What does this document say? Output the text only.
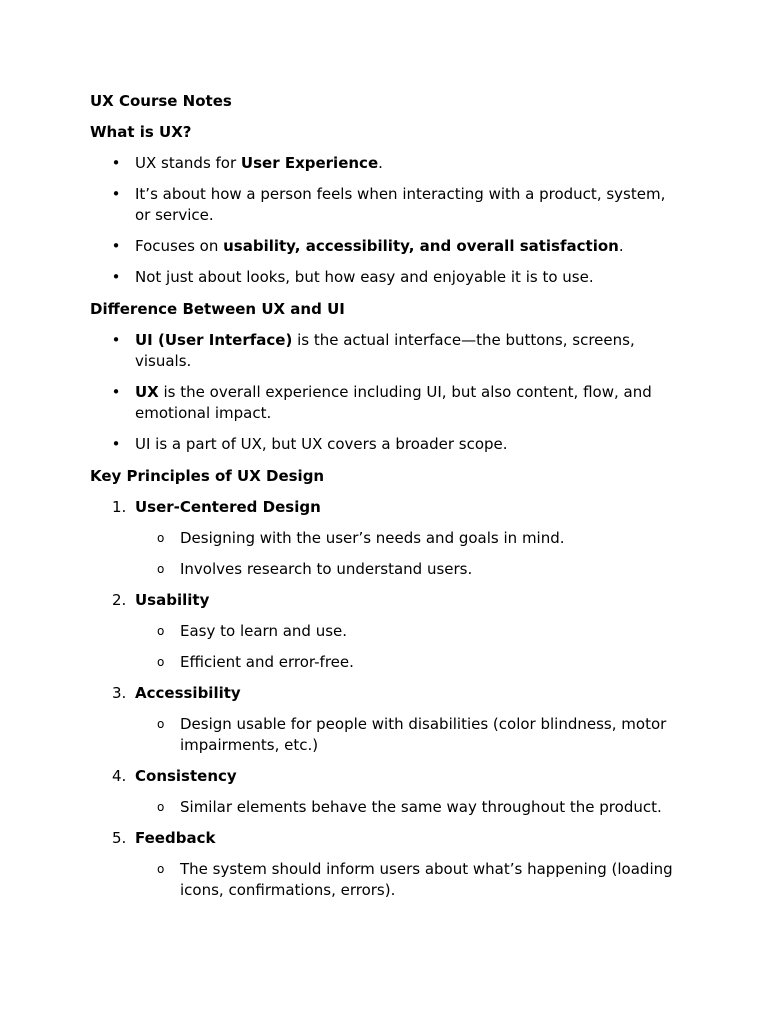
UX Course Notes
What is UX?
• UX stands for User Experience.
• It’s about how a person feels when interacting with a product, system, or service.
• Focuses on usability, accessibility, and overall satisfaction.
• Not just about looks, but how easy and enjoyable it is to use.
Difference Between UX and UI
• UI (User Interface) is the actual interface—the buttons, screens, visuals.
• UX is the overall experience including UI, but also content, flow, and emotional impact.
• UI is a part of UX, but UX covers a broader scope.
Key Principles of UX Design
1. User-Centered Design
o Designing with the user’s needs and goals in mind.
o Involves research to understand users.
2. Usability
o Easy to learn and use.
o Efficient and error-free.
3. Accessibility
o Design usable for people with disabilities (color blindness, motor impairments, etc.)
4. Consistency
o Similar elements behave the same way throughout the product.
5. Feedback
o The system should inform users about what’s happening (loading icons, confirmations, errors).
